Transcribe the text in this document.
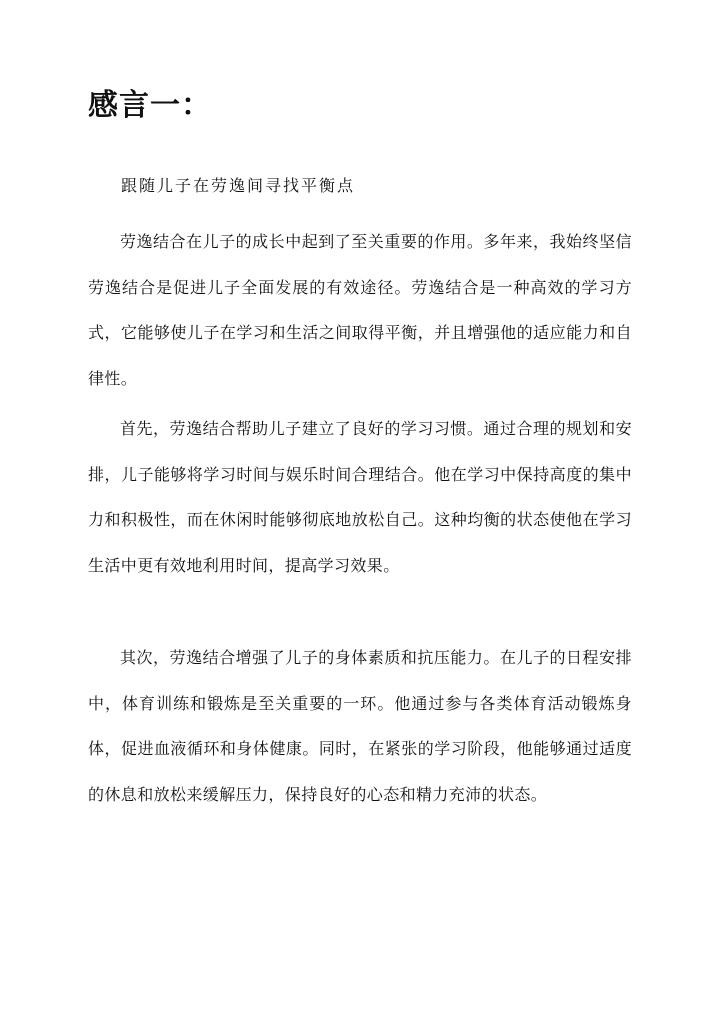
感言一：

跟随儿子在劳逸间寻找平衡点

劳逸结合在儿子的成长中起到了至关重要的作用。多年来，我始终坚信劳逸结合是促进儿子全面发展的有效途径。劳逸结合是一种高效的学习方式，它能够使儿子在学习和生活之间取得平衡，并且增强他的适应能力和自律性。

首先，劳逸结合帮助儿子建立了良好的学习习惯。通过合理的规划和安排，儿子能够将学习时间与娱乐时间合理结合。他在学习中保持高度的集中力和积极性，而在休闲时能够彻底地放松自己。这种均衡的状态使他在学习生活中更有效地利用时间，提高学习效果。

其次，劳逸结合增强了儿子的身体素质和抗压能力。在儿子的日程安排中，体育训练和锻炼是至关重要的一环。他通过参与各类体育活动锻炼身体，促进血液循环和身体健康。同时，在紧张的学习阶段，他能够通过适度的休息和放松来缓解压力，保持良好的心态和精力充沛的状态。
